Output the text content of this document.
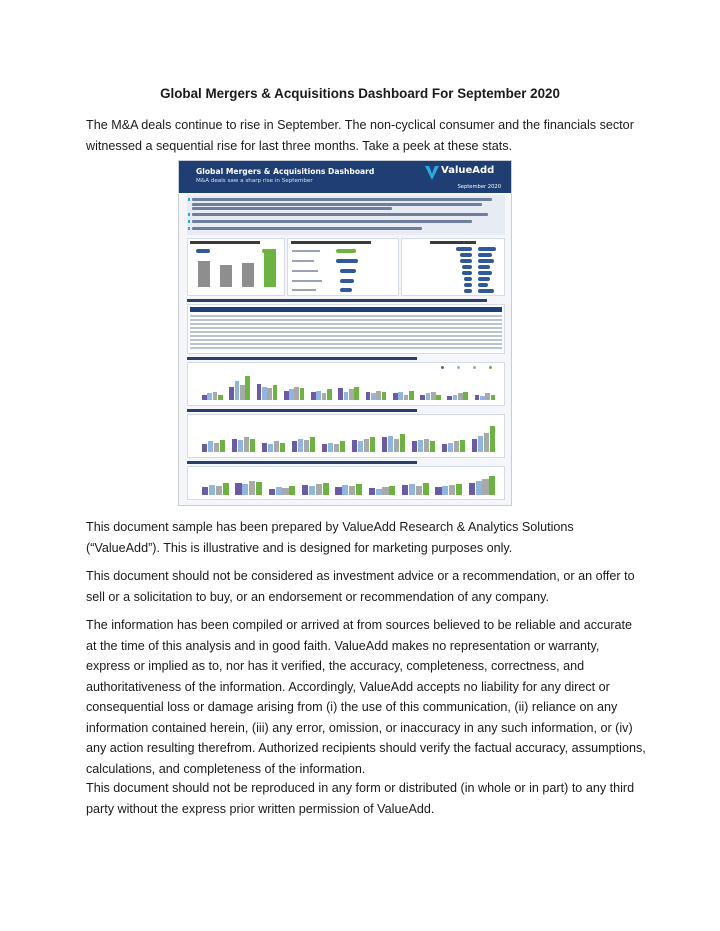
Global Mergers & Acquisitions Dashboard For September 2020

The M&A deals continue to rise in September. The non-cyclical consumer and the financials sector witnessed a sequential rise for last three months. Take a peek at these stats.

Global Mergers & Acquisitions Dashboard
M&A deals saw a sharp rise in September
ValueAdd
September 2020

This document sample has been prepared by ValueAdd Research & Analytics Solutions (“ValueAdd”). This is illustrative and is designed for marketing purposes only.

This document should not be considered as investment advice or a recommendation, or an offer to sell or a solicitation to buy, or an endorsement or recommendation of any company.

The information has been compiled or arrived at from sources believed to be reliable and accurate at the time of this analysis and in good faith. ValueAdd makes no representation or warranty, express or implied as to, nor has it verified, the accuracy, completeness, correctness, and authoritativeness of the information. Accordingly, ValueAdd accepts no liability for any direct or consequential loss or damage arising from (i) the use of this communication, (ii) reliance on any information contained herein, (iii) any error, omission, or inaccuracy in any such information, or (iv) any action resulting therefrom. Authorized recipients should verify the factual accuracy, assumptions, calculations, and completeness of the information.

This document should not be reproduced in any form or distributed (in whole or in part) to any third party without the express prior written permission of ValueAdd.
